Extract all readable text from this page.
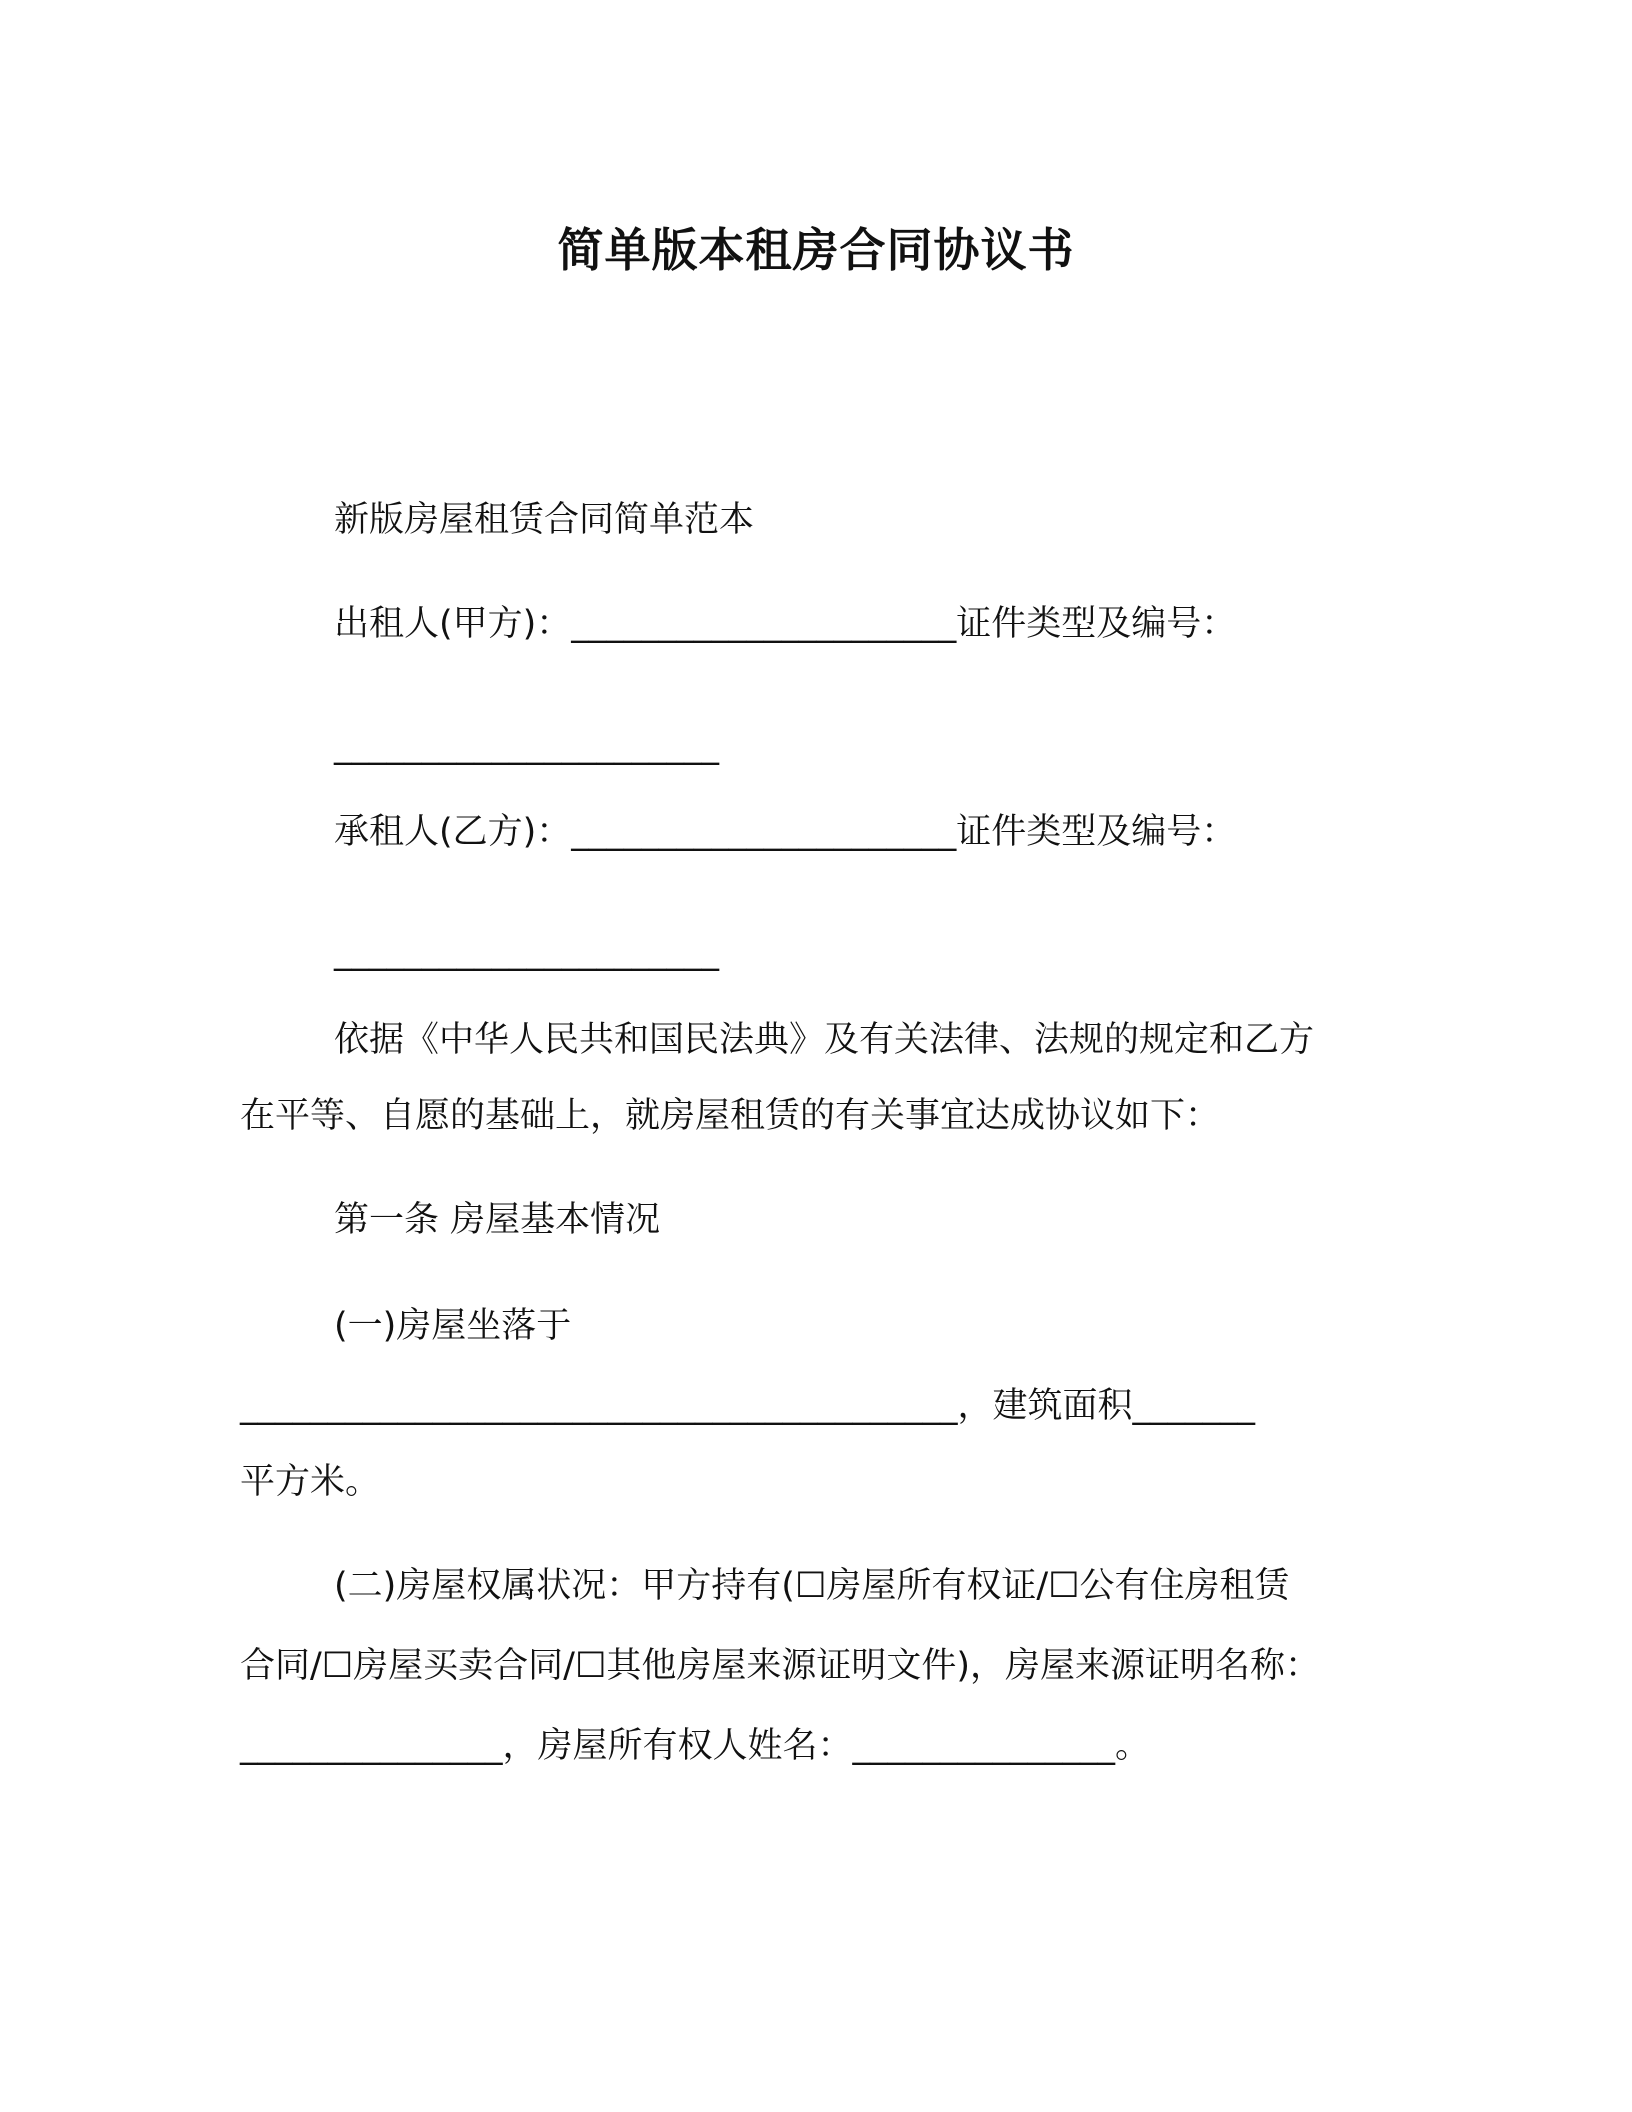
简单版本租房合同协议书
新版房屋租赁合同简单范本
出租人(甲方)：______________________证件类型及编号：
______________________
承租人(乙方)：______________________证件类型及编号：
______________________
依据《中华人民共和国民法典》及有关法律、法规的规定和乙方
在平等、自愿的基础上，就房屋租赁的有关事宜达成协议如下：
第一条 房屋基本情况
(一)房屋坐落于
_________________________________________，建筑面积_______
平方米。
(二)房屋权属状况：甲方持有(☐房屋所有权证/☐公有住房租赁
合同/☐房屋买卖合同/☐其他房屋来源证明文件)，房屋来源证明名称：
_______________，房屋所有权人姓名：_______________。
